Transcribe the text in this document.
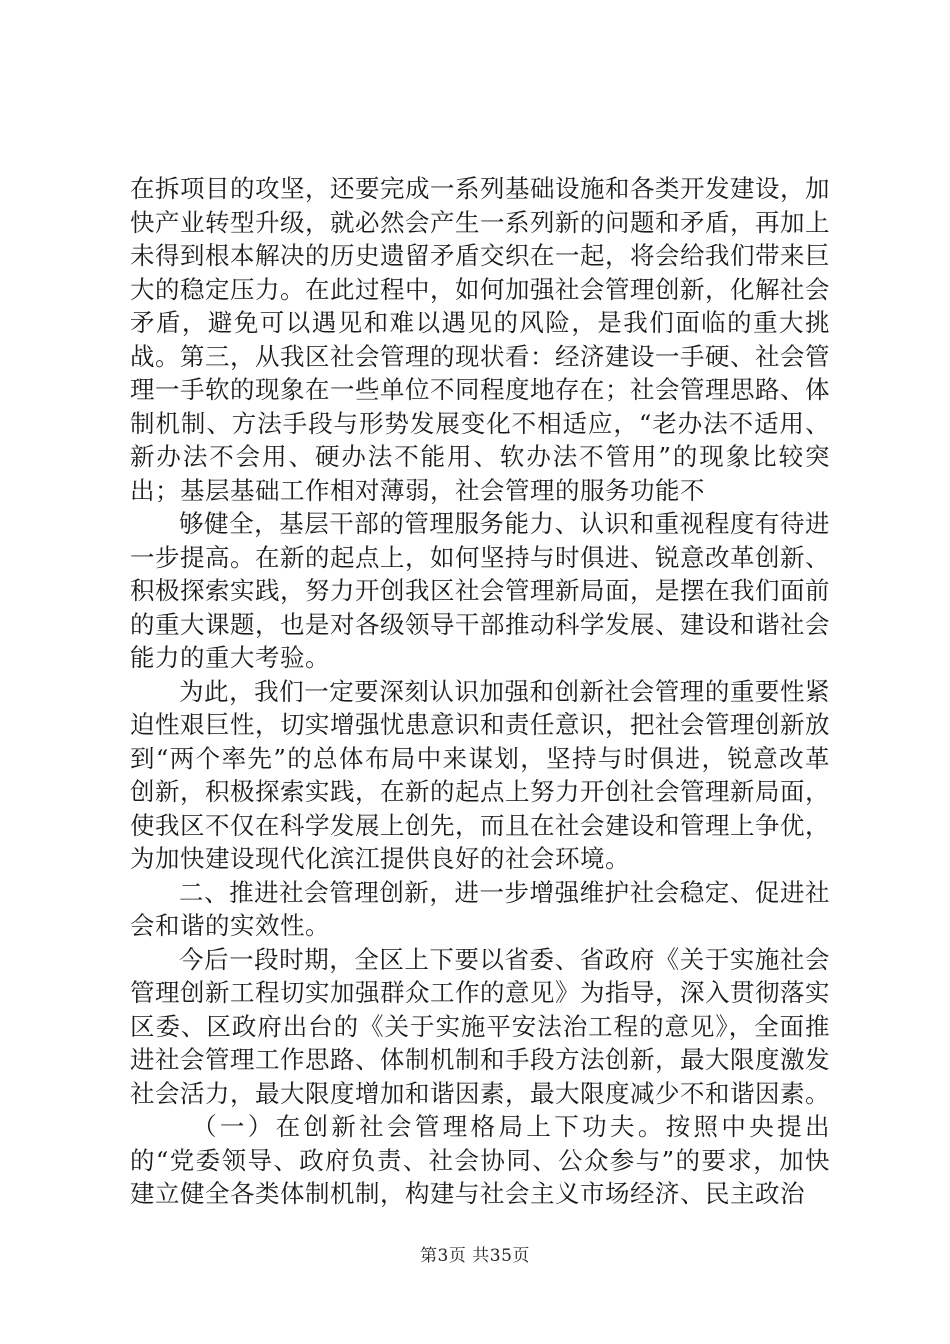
在拆项目的攻坚，还要完成一系列基础设施和各类开发建设，加快产业转型升级，就必然会产生一系列新的问题和矛盾，再加上未得到根本解决的历史遗留矛盾交织在一起，将会给我们带来巨大的稳定压力。在此过程中，如何加强社会管理创新，化解社会矛盾，避免可以遇见和难以遇见的风险，是我们面临的重大挑战。第三，从我区社会管理的现状看：经济建设一手硬、社会管理一手软的现象在一些单位不同程度地存在；社会管理思路、体制机制、方法手段与形势发展变化不相适应，“老办法不适用、新办法不会用、硬办法不能用、软办法不管用”的现象比较突出；基层基础工作相对薄弱，社会管理的服务功能不

够健全，基层干部的管理服务能力、认识和重视程度有待进一步提高。在新的起点上，如何坚持与时俱进、锐意改革创新、积极探索实践，努力开创我区社会管理新局面，是摆在我们面前的重大课题，也是对各级领导干部推动科学发展、建设和谐社会能力的重大考验。

为此，我们一定要深刻认识加强和创新社会管理的重要性紧迫性艰巨性，切实增强忧患意识和责任意识，把社会管理创新放到“两个率先”的总体布局中来谋划，坚持与时俱进，锐意改革创新，积极探索实践，在新的起点上努力开创社会管理新局面，使我区不仅在科学发展上创先，而且在社会建设和管理上争优，为加快建设现代化滨江提供良好的社会环境。

二、推进社会管理创新，进一步增强维护社会稳定、促进社会和谐的实效性。

今后一段时期，全区上下要以省委、省政府《关于实施社会管理创新工程切实加强群众工作的意见》为指导，深入贯彻落实区委、区政府出台的《关于实施平安法治工程的意见》，全面推进社会管理工作思路、体制机制和手段方法创新，最大限度激发社会活力，最大限度增加和谐因素，最大限度减少不和谐因素。

（一）在创新社会管理格局上下功夫。按照中央提出的“党委领导、政府负责、社会协同、公众参与”的要求，加快建立健全各类体制机制，构建与社会主义市场经济、民主政治

第3页 共35页
